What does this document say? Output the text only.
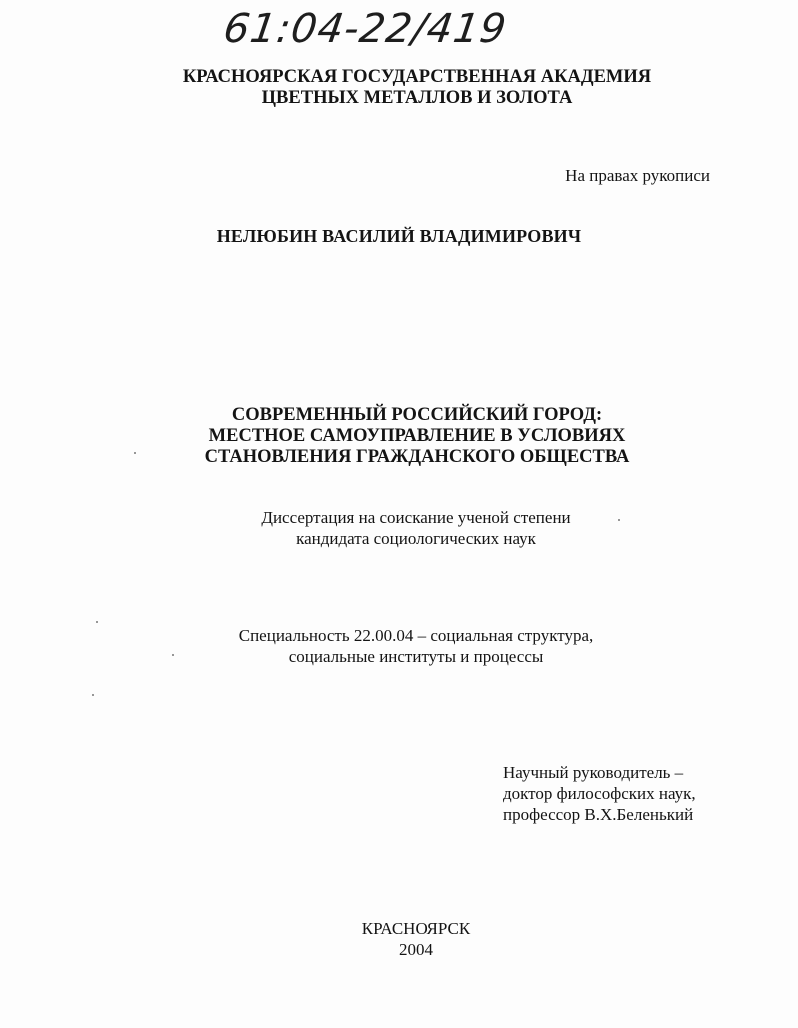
61:04-22/419
КРАСНОЯРСКАЯ ГОСУДАРСТВЕННАЯ АКАДЕМИЯ
ЦВЕТНЫХ МЕТАЛЛОВ И ЗОЛОТА
На правах рукописи
НЕЛЮБИН ВАСИЛИЙ ВЛАДИМИРОВИЧ
СОВРЕМЕННЫЙ РОССИЙСКИЙ ГОРОД:
МЕСТНОЕ САМОУПРАВЛЕНИЕ В УСЛОВИЯХ
СТАНОВЛЕНИЯ ГРАЖДАНСКОГО ОБЩЕСТВА
Диссертация на соискание ученой степени
кандидата социологических наук
Специальность 22.00.04 – социальная структура,
социальные институты и процессы
Научный руководитель –
доктор философских наук,
профессор В.Х.Беленький
КРАСНОЯРСК
2004
